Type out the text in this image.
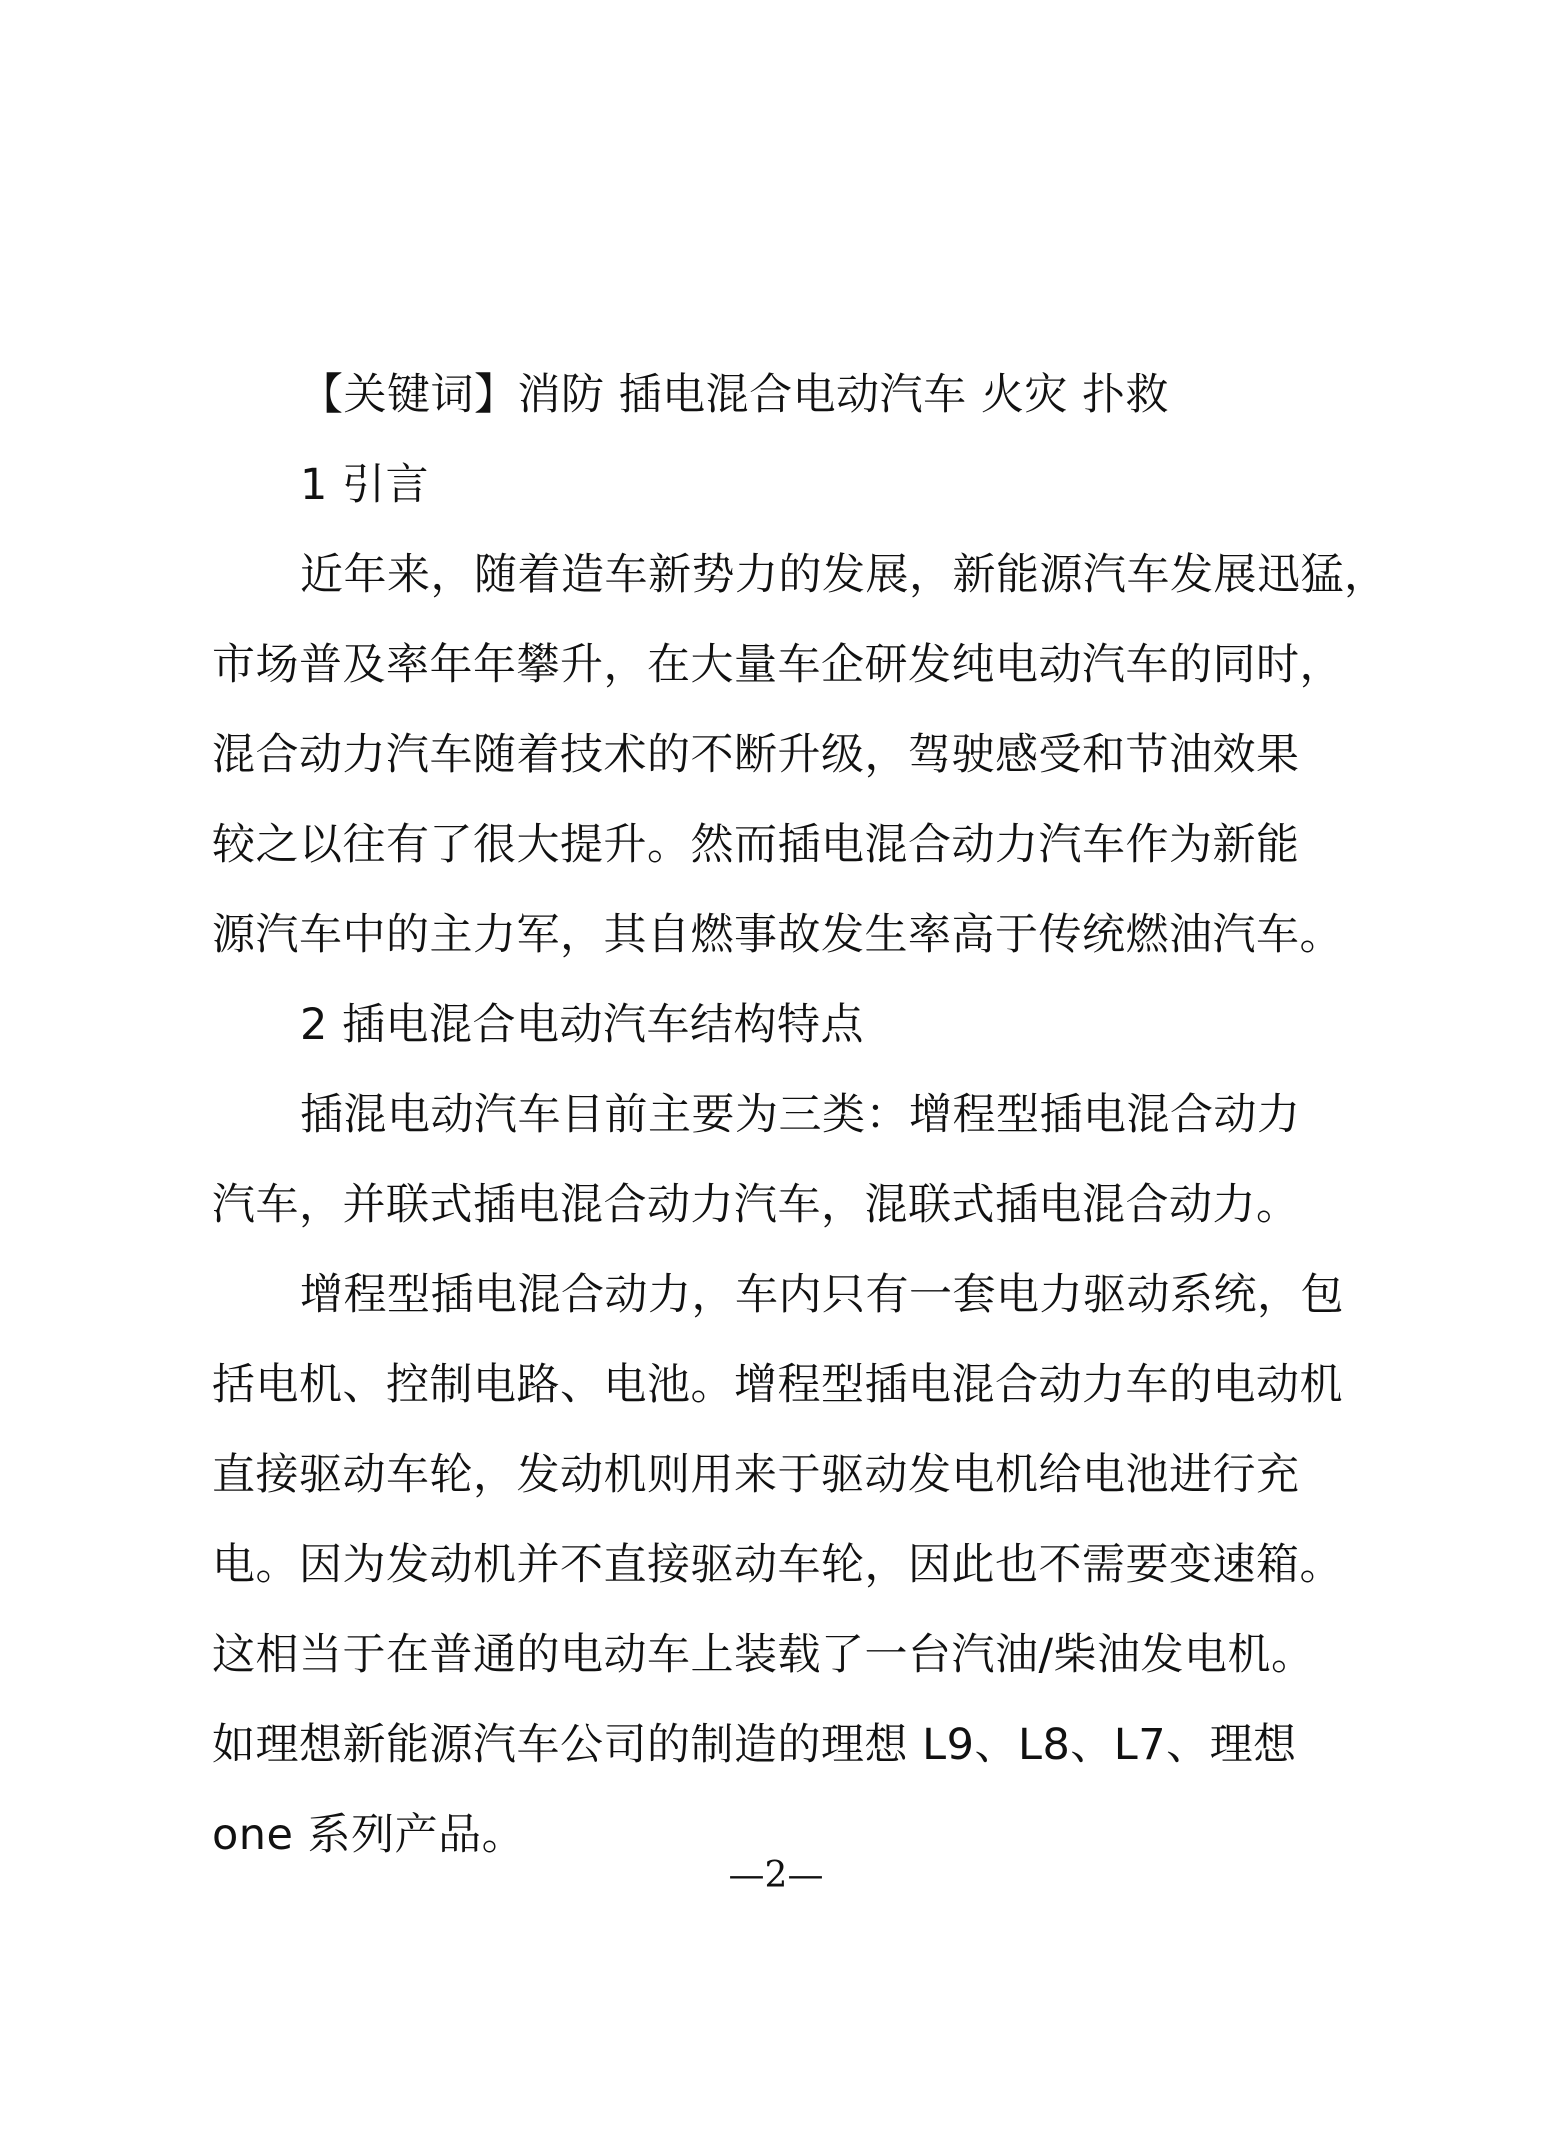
【关键词】消防 插电混合电动汽车 火灾 扑救
1 引言
近年来，随着造车新势力的发展，新能源汽车发展迅猛，
市场普及率年年攀升，在大量车企研发纯电动汽车的同时，
混合动力汽车随着技术的不断升级，驾驶感受和节油效果
较之以往有了很大提升。然而插电混合动力汽车作为新能
源汽车中的主力军，其自燃事故发生率高于传统燃油汽车。
2 插电混合电动汽车结构特点
插混电动汽车目前主要为三类：增程型插电混合动力
汽车，并联式插电混合动力汽车，混联式插电混合动力。
增程型插电混合动力，车内只有一套电力驱动系统，包
括电机、控制电路、电池。增程型插电混合动力车的电动机
直接驱动车轮，发动机则用来于驱动发电机给电池进行充
电。因为发动机并不直接驱动车轮，因此也不需要变速箱。
这相当于在普通的电动车上装载了一台汽油/柴油发电机。
如理想新能源汽车公司的制造的理想 L9、L8、L7、理想
one 系列产品。
—2—
